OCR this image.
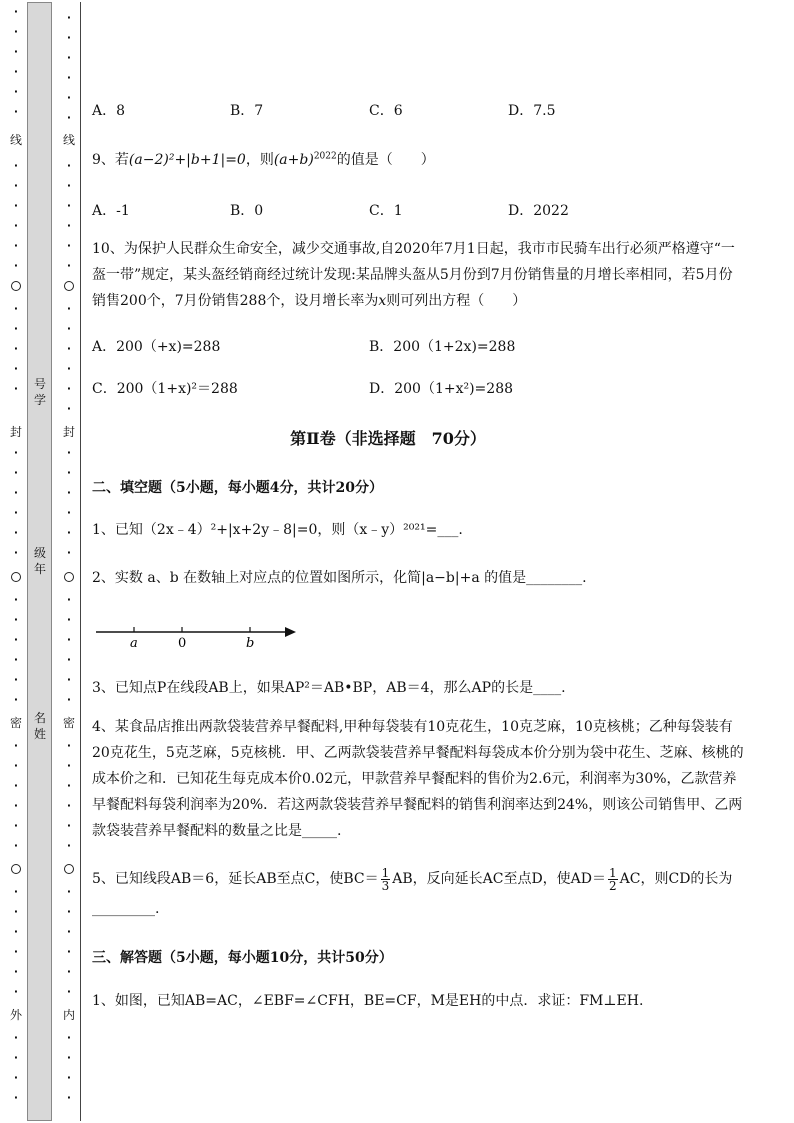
·
·
·
·
·
·
线
·
·
·
·
·
·
·
·
·
·
·
封
·
·
·
·
·
·
·
·
·
·
·
·
密
·
·
·
·
·
·
·
·
·
·
·
·
外
·
·
·
·
号学
级年
名姓
·
·
·
·
·
·
线
·
·
·
·
·
·
·
·
·
·
·
·
封
·
·
·
·
·
·
·
·
·
·
·
·
密
·
·
·
·
·
·
·
·
·
·
·
·
内
·
·
·
·
A．8	B．7	C．6	D．7.5
9、若(a−2)²+|b+1|=0，则$(a+b)^{2022}$的值是（　　）
A．-1	B．0	C．1	D．2022
10、为保护人民群众生命安全，减少交通事故,自2020年7月1日起，我市市民骑车出行必须严格遵守“一盔一带”规定，某头盔经销商经过统计发现:某品牌头盔从5月份到7月份销售量的月增长率相同，若5月份销售200个，7月份销售288个，设月增长率为x则可列出方程（　　）
A．200（+x)=288	B．200（1+2x)=288
C．200（1+x)²＝288	D．200（1+x²)=288
第Ⅱ卷（非选择题　70分）
二、填空题（5小题，每小题4分，共计20分）
1、已知（2x﹣4）²+|x+2y﹣8|=0，则（x﹣y）²⁰²¹=___.
2、实数 a、b 在数轴上对应点的位置如图所示，化简|a−b|+a 的值是________.
a	0	b
3、已知点P在线段AB上，如果AP²＝AB•BP，AB＝4，那么AP的长是____.
4、某食品店推出两款袋装营养早餐配料,甲种每袋装有10克花生，10克芝麻，10克核桃；乙种每袋装有20克花生，5克芝麻，5克核桃．甲、乙两款袋装营养早餐配料每袋成本价分别为袋中花生、芝麻、核桃的成本价之和．已知花生每克成本价0.02元，甲款营养早餐配料的售价为2.6元，利润率为30%，乙款营养早餐配料每袋利润率为20%．若这两款袋装营养早餐配料的销售利润率达到24%，则该公司销售甲、乙两款袋装营养早餐配料的数量之比是_____.
5、已知线段AB＝6，延长AB至点C，使$BC= \frac{1}{3}$ AB，反向延长AC至点D，使$AD= \frac{1}{2}$ AC，则CD的长为_________.
三、解答题（5小题，每小题10分，共计50分）
1、如图，已知AB=AC，∠EBF=∠CFH，BE=CF，M是EH的中点．求证：FM⊥EH.
